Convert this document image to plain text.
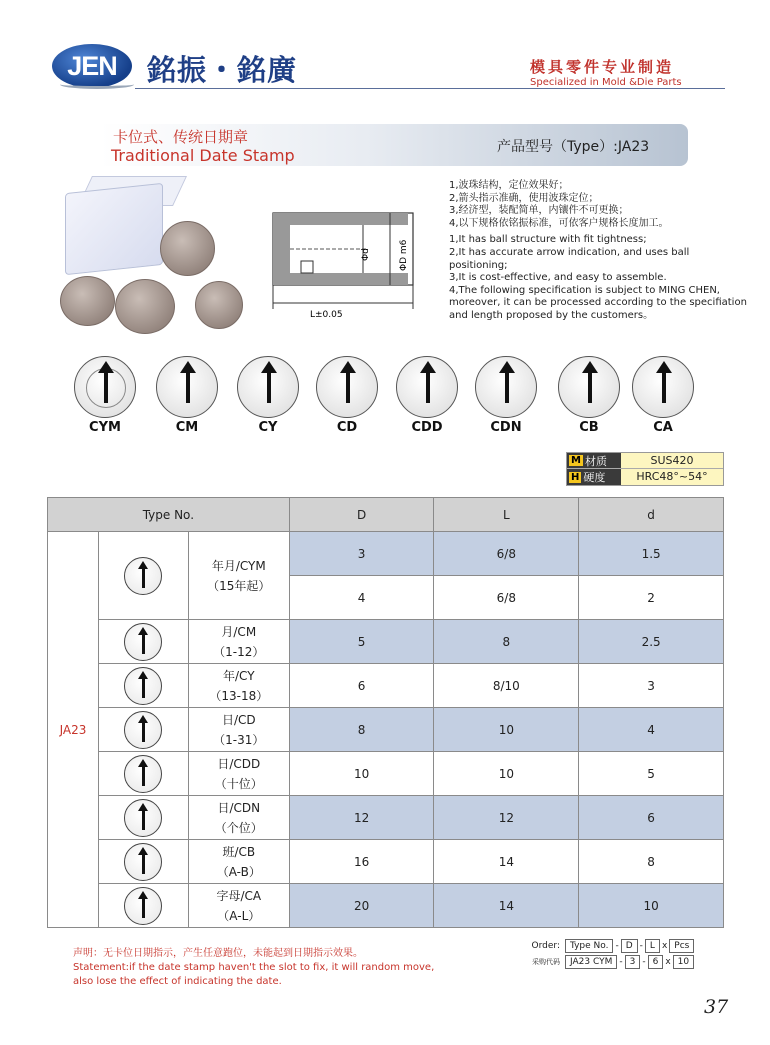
JEN	銘振・銘廣	模具零件专业制造
Specialized in Mold &Die Parts
卡位式、传统日期章
Traditional Date Stamp	产品型号（Type）:JA23
L±0.05
Φd	ΦD m6
1,波珠结构，定位效果好；
2,箭头指示准确，使用波珠定位；
3,经济型，装配简单，内镶件不可更换；
4,以下规格依铭振标准，可依客户规格长度加工。
1,It has ball structure with fit tightness;
2,It has accurate arrow indication, and uses ball positioning;
3,It is cost-effective, and easy to assemble.
4,The following specification is subject to MING CHEN, moreover, it can be processed according to the specifiation and length proposed by the customers。
CYM	CM	CY	CD	CDD	CDN	CB	CA
M 材质	SUS420
H 硬度	HRC48°~54°
Type No.			D	L	d
JA23		年月/CYM
（15年起）	3	6/8	1.5
			4	6/8	2

		月/CM
（1-12）	5	8	2.5

		年/CY
（13-18）	6	8/10	3

		日/CD
（1-31）	8	10	4

		日/CDD
（十位）	10	10	5

		日/CDN
（个位）	12	12	6

		班/CB
（A-B）	16	14	8

		字母/CA
（A-L）	20	14	10
声明：无卡位日期指示，产生任意跑位，未能起到日期指示效果。
Statement:if the date stamp haven't the slot to fix, it will random move,
also lose the effect of indicating the date.
Order:	Type No. - D - L x Pcs
采购代码	JA23 CYM - 3 - 6 x 10
37
